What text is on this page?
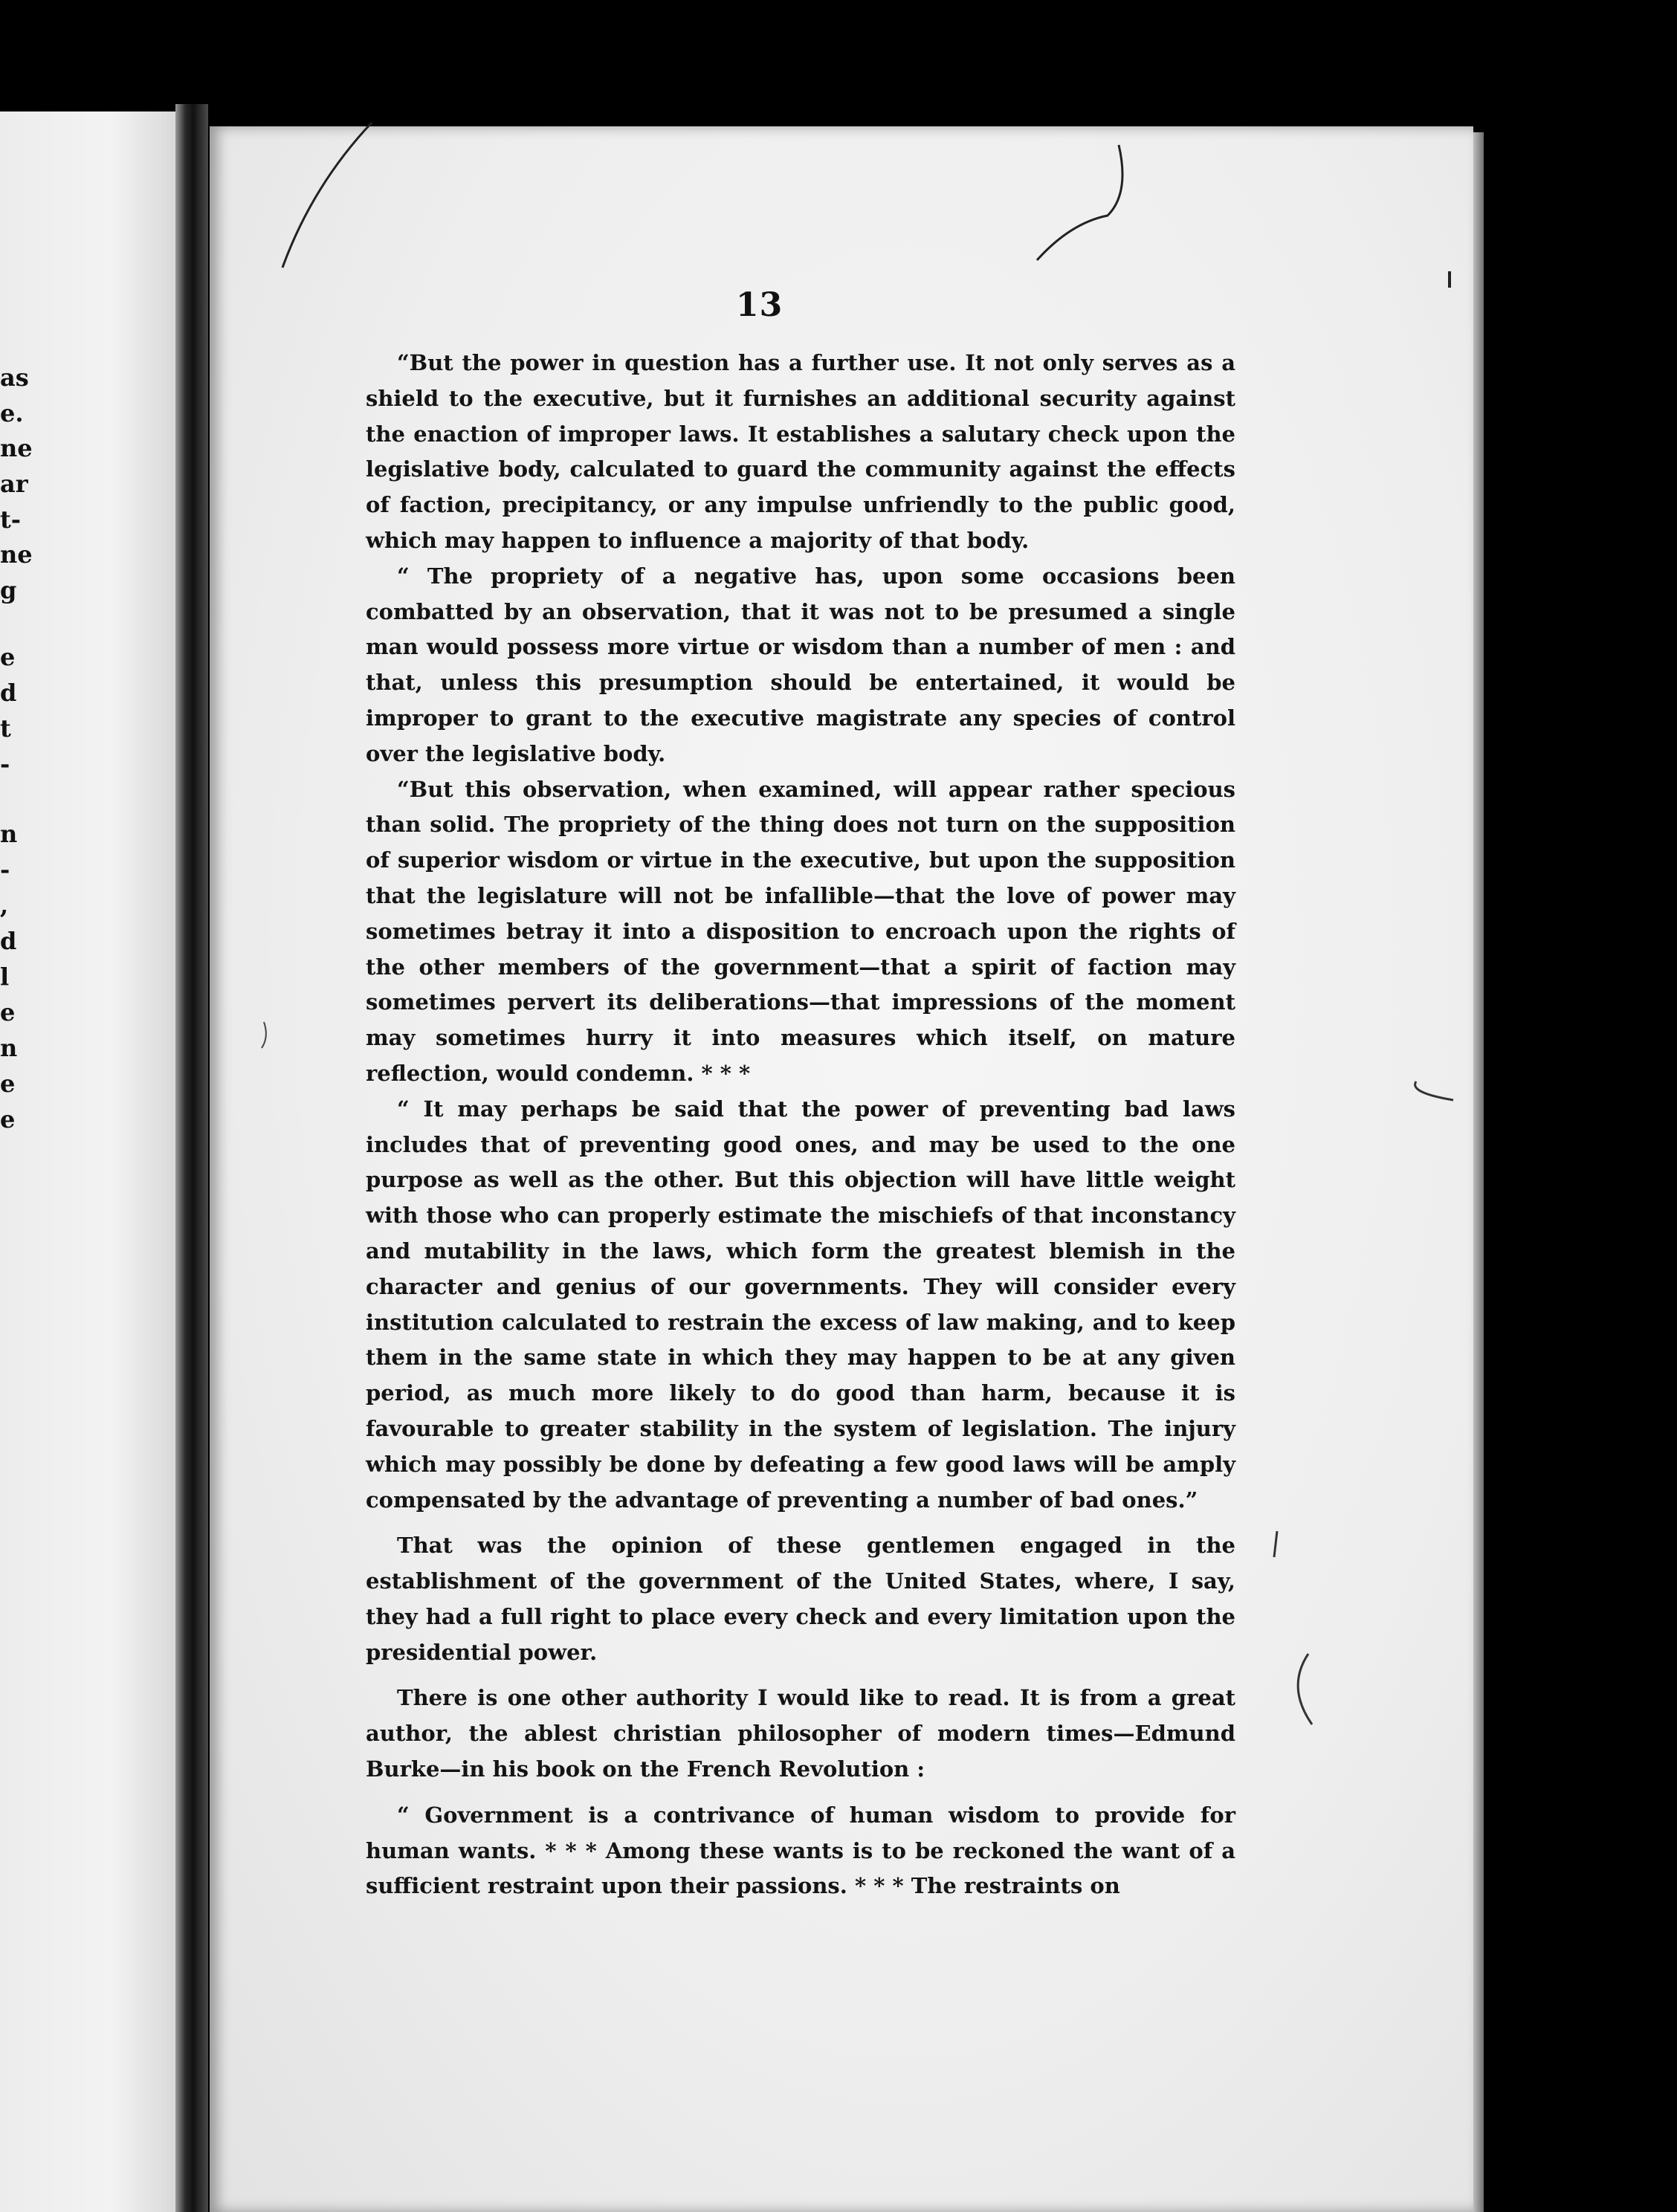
as
e.
ne
ar
t-
ne
g
e
d
t
-
n
-
,
d
l
e
n
e
e
13

“But the power in question has a further use. It not only serves as a shield to the executive, but it furnishes an additional security against the enaction of improper laws. It establishes a salutary check upon the legislative body, calculated to guard the community against the effects of faction, precipitancy, or any impulse unfriendly to the public good, which may happen to influence a majority of that body.

“ The propriety of a negative has, upon some occasions been combatted by an observation, that it was not to be presumed a single man would possess more virtue or wisdom than a number of men : and that, unless this presumption should be entertained, it would be improper to grant to the executive magistrate any species of control over the legislative body.

“But this observation, when examined, will appear rather specious than solid. The propriety of the thing does not turn on the supposition of superior wisdom or virtue in the executive, but upon the supposition that the legislature will not be infallible—that the love of power may sometimes betray it into a disposition to encroach upon the rights of the other members of the government—that a spirit of faction may sometimes pervert its deliberations—that impressions of the moment may sometimes hurry it into measures which itself, on mature reflection, would condemn. * * *

“ It may perhaps be said that the power of preventing bad laws includes that of preventing good ones, and may be used to the one purpose as well as the other. But this objection will have little weight with those who can properly estimate the mischiefs of that inconstancy and mutability in the laws, which form the greatest blemish in the character and genius of our governments. They will consider every institution calculated to restrain the excess of law making, and to keep them in the same state in which they may happen to be at any given period, as much more likely to do good than harm, because it is favourable to greater stability in the system of legislation. The injury which may possibly be done by defeating a few good laws will be amply compensated by the advantage of preventing a number of bad ones.”

That was the opinion of these gentlemen engaged in the establishment of the government of the United States, where, I say, they had a full right to place every check and every limitation upon the presidential power.

There is one other authority I would like to read. It is from a great author, the ablest christian philosopher of modern times—Edmund Burke—in his book on the French Revolution :

“ Government is a contrivance of human wisdom to provide for human wants. * * * Among these wants is to be reckoned the want of a sufficient restraint upon their passions. * * * The restraints on
